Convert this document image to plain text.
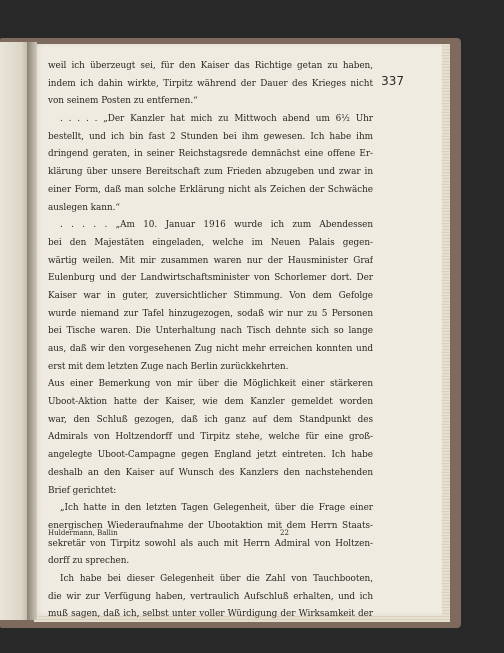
337
weil ich überzeugt sei, für den Kaiser das Richtige getan zu haben,
indem ich dahin wirkte, Tirpitz während der Dauer des Krieges nicht
von seinem Posten zu entfernen.“
. . . . . „Der Kanzler hat mich zu Mittwoch abend um 6½ Uhr
bestellt, und ich bin fast 2 Stunden bei ihm gewesen. Ich habe ihm
dringend geraten, in seiner Reichstagsrede demnächst eine offene Er-
klärung über unsere Bereitschaft zum Frieden abzugeben und zwar in
einer Form, daß man solche Erklärung nicht als Zeichen der Schwäche
auslegen kann.“
. . . . . „Am 10. Januar 1916 wurde ich zum Abendessen
bei den Majestäten eingeladen, welche im Neuen Palais gegen-
wärtig weilen. Mit mir zusammen waren nur der Hausminister Graf
Eulenburg und der Landwirtschaftsminister von Schorlemer dort. Der
Kaiser war in guter, zuversichtlicher Stimmung. Von dem Gefolge
wurde niemand zur Tafel hinzugezogen, sodaß wir nur zu 5 Personen
bei Tische waren. Die Unterhaltung nach Tisch dehnte sich so lange
aus, daß wir den vorgesehenen Zug nicht mehr erreichen konnten und
erst mit dem letzten Zuge nach Berlin zurückkehrten.
Aus einer Bemerkung von mir über die Möglichkeit einer stärkeren
Uboot-Aktion hatte der Kaiser, wie dem Kanzler gemeldet worden
war, den Schluß gezogen, daß ich ganz auf dem Standpunkt des
Admirals von Holtzendorff und Tirpitz stehe, welche für eine groß-
angelegte Uboot-Campagne gegen England jetzt eintreten. Ich habe
deshalb an den Kaiser auf Wunsch des Kanzlers den nachstehenden
Brief gerichtet:
„Ich hatte in den letzten Tagen Gelegenheit, über die Frage einer
energischen Wiederaufnahme der Ubootaktion mit dem Herrn Staats-
sekretär von Tirpitz sowohl als auch mit Herrn Admiral von Holtzen-
dorff zu sprechen.
Ich habe bei dieser Gelegenheit über die Zahl von Tauchbooten,
die wir zur Verfügung haben, vertraulich Aufschluß erhalten, und ich
muß sagen, daß ich, selbst unter voller Würdigung der Wirksamkeit der
Huldermann, Ballin	22
